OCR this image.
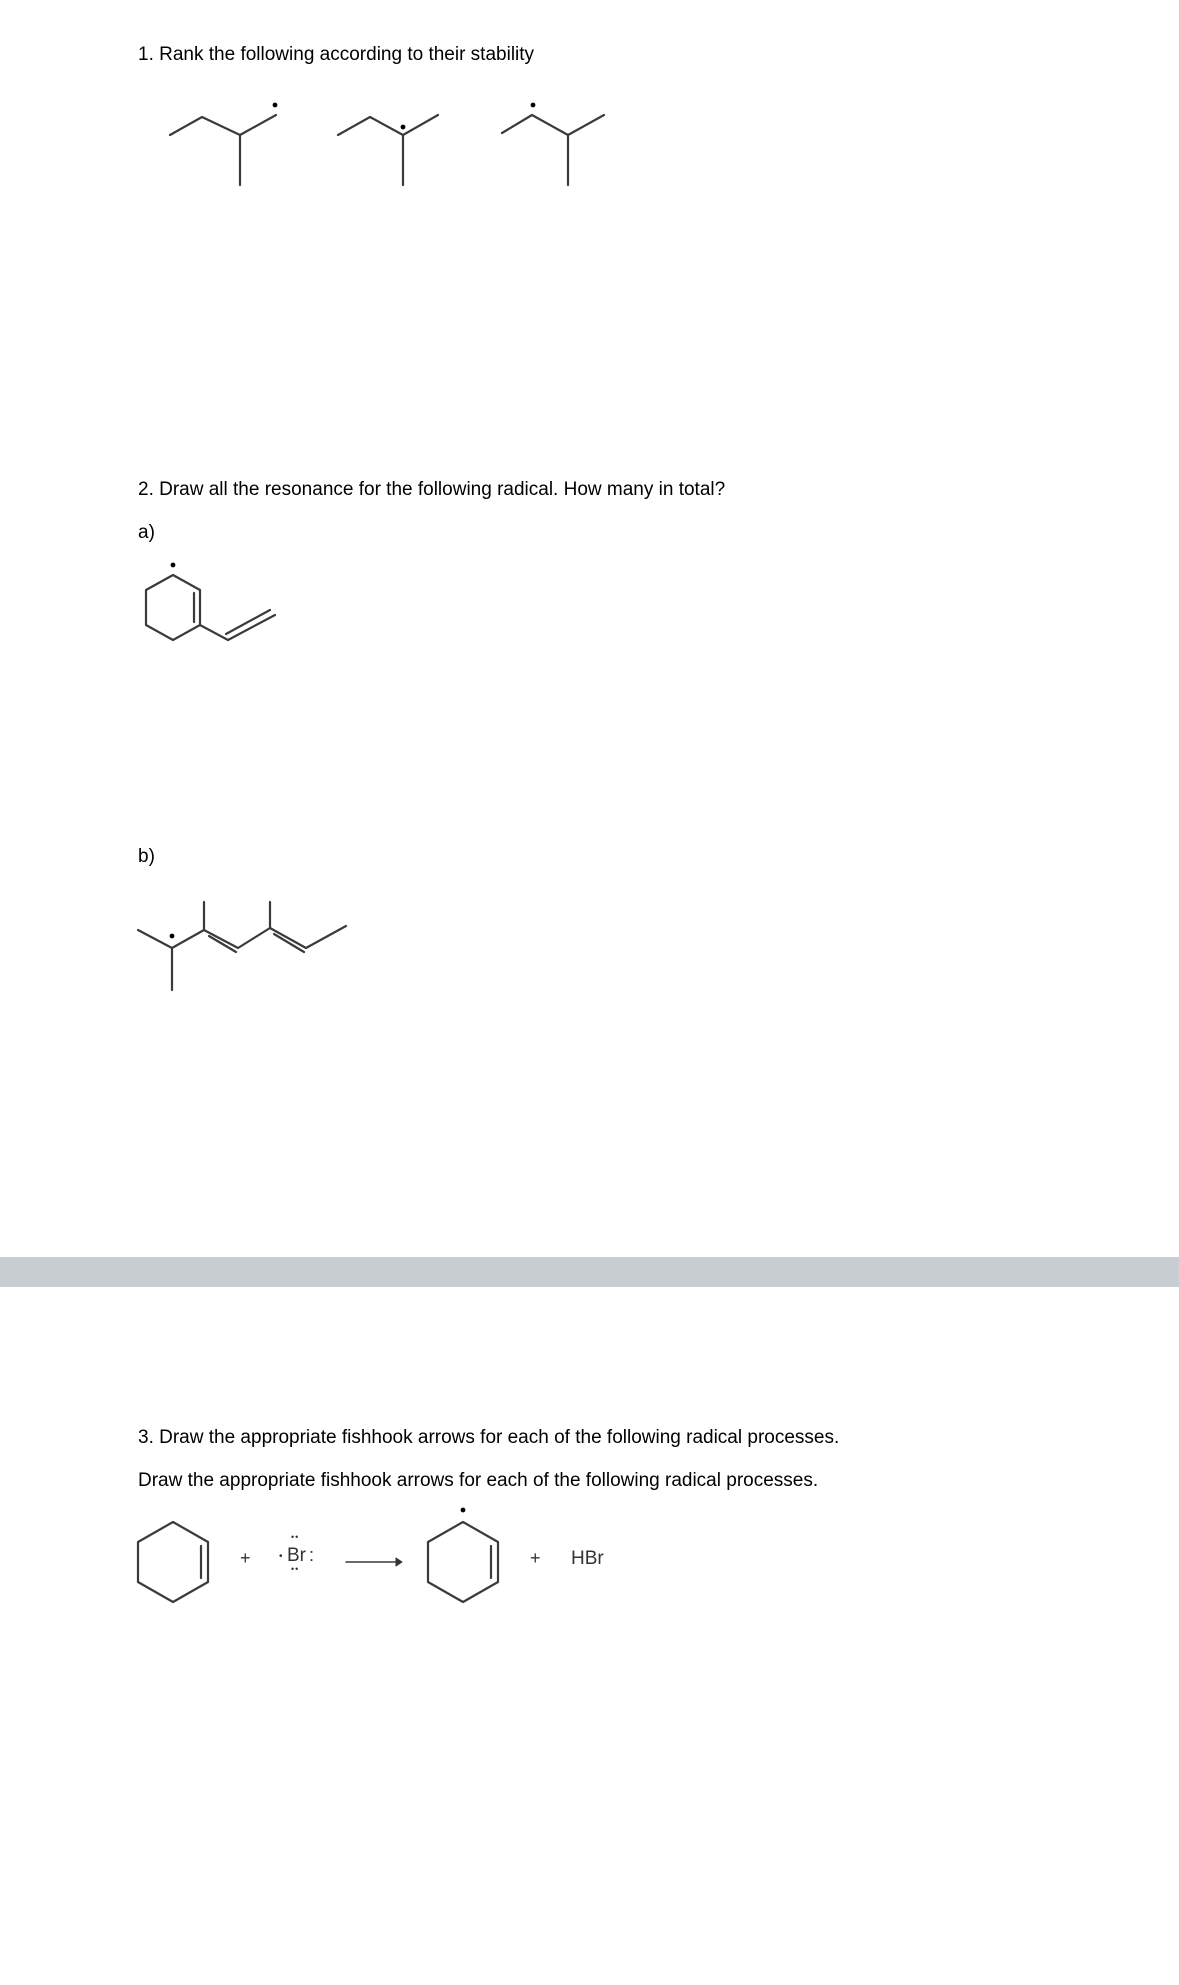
1. Rank the following according to their stability
2. Draw all the resonance for the following radical. How many in total?
a)
b)
3. Draw the appropriate fishhook arrows for each of the following radical processes.
Draw the appropriate fishhook arrows for each of the following radical processes.
+	•
••
Br :
••
+ HBr
